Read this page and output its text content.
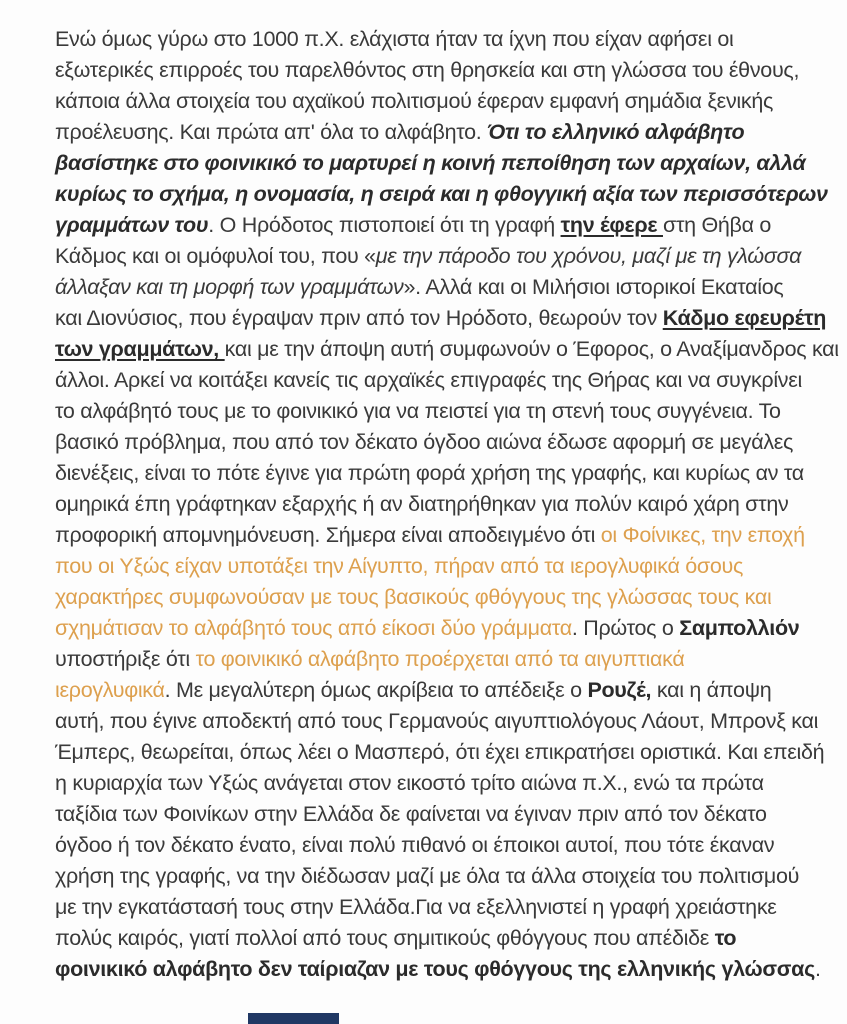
Ενώ όμως γύρω στο 1000 π.Χ. ελάχιστα ήταν τα ίχνη που είχαν αφήσει οι
εξωτερικές επιρροές του παρελθόντος στη θρησκεία και στη γλώσσα του έθνους,
κάποια άλλα στοιχεία του αχαϊκού πολιτισμού έφεραν εμφανή σημάδια ξενικής
προέλευσης. Και πρώτα απ' όλα το αλφάβητο. Ότι το ελληνικό αλφάβητο
βασίστηκε στο φοινικικό το μαρτυρεί η κοινή πεποίθηση των αρχαίων, αλλά
κυρίως το σχήμα, η ονομασία, η σειρά και η φθογγική αξία των περισσότερων
γραμμάτων του. Ο Ηρόδοτος πιστοποιεί ότι τη γραφή την έφερε στη Θήβα ο
Κάδμος και οι ομόφυλοί του, που «με την πάροδο του χρόνου, μαζί με τη γλώσσα
άλλαξαν και τη μορφή των γραμμάτων». Αλλά και οι Μιλήσιοι ιστορικοί Εκαταίος
και Διονύσιος, που έγραψαν πριν από τον Ηρόδοτο, θεωρούν τον Κάδμο εφευρέτη
των γραμμάτων, και με την άποψη αυτή συμφωνούν ο Έφορος, ο Αναξίμανδρος και
άλλοι. Αρκεί να κοιτάξει κανείς τις αρχαϊκές επιγραφές της Θήρας και να συγκρίνει
το αλφάβητό τους με το φοινικικό για να πειστεί για τη στενή τους συγγένεια. Το
βασικό πρόβλημα, που από τον δέκατο όγδοο αιώνα έδωσε αφορμή σε μεγάλες
διενέξεις, είναι το πότε έγινε για πρώτη φορά χρήση της γραφής, και κυρίως αν τα
ομηρικά έπη γράφτηκαν εξαρχής ή αν διατηρήθηκαν για πολύν καιρό χάρη στην
προφορική απομνημόνευση. Σήμερα είναι αποδειγμένο ότι οι Φοίνικες, την εποχή
που οι Υξώς είχαν υποτάξει την Αίγυπτο, πήραν από τα ιερογλυφικά όσους
χαρακτήρες συμφωνούσαν με τους βασικούς φθόγγους της γλώσσας τους και
σχημάτισαν το αλφάβητό τους από είκοσι δύο γράμματα. Πρώτος ο Σαμπολλιόν
υποστήριξε ότι το φοινικικό αλφάβητο προέρχεται από τα αιγυπτιακά
ιερογλυφικά. Με μεγαλύτερη όμως ακρίβεια το απέδειξε ο Ρουζέ, και η άποψη
αυτή, που έγινε αποδεκτή από τους Γερμανούς αιγυπτιολόγους Λάουτ, Μπρονξ και
Έμπερς, θεωρείται, όπως λέει ο Μασπερό, ότι έχει επικρατήσει οριστικά. Και επειδή
η κυριαρχία των Υξώς ανάγεται στον εικοστό τρίτο αιώνα π.Χ., ενώ τα πρώτα
ταξίδια των Φοινίκων στην Ελλάδα δε φαίνεται να έγιναν πριν από τον δέκατο
όγδοο ή τον δέκατο ένατο, είναι πολύ πιθανό οι έποικοι αυτοί, που τότε έκαναν
χρήση της γραφής, να την διέδωσαν μαζί με όλα τα άλλα στοιχεία του πολιτισμού
με την εγκατάστασή τους στην Ελλάδα.Για να εξελληνιστεί η γραφή χρειάστηκε
πολύς καιρός, γιατί πολλοί από τους σημιτικούς φθόγγους που απέδιδε το
φοινικικό αλφάβητο δεν ταίριαζαν με τους φθόγγους της ελληνικής γλώσσας.
